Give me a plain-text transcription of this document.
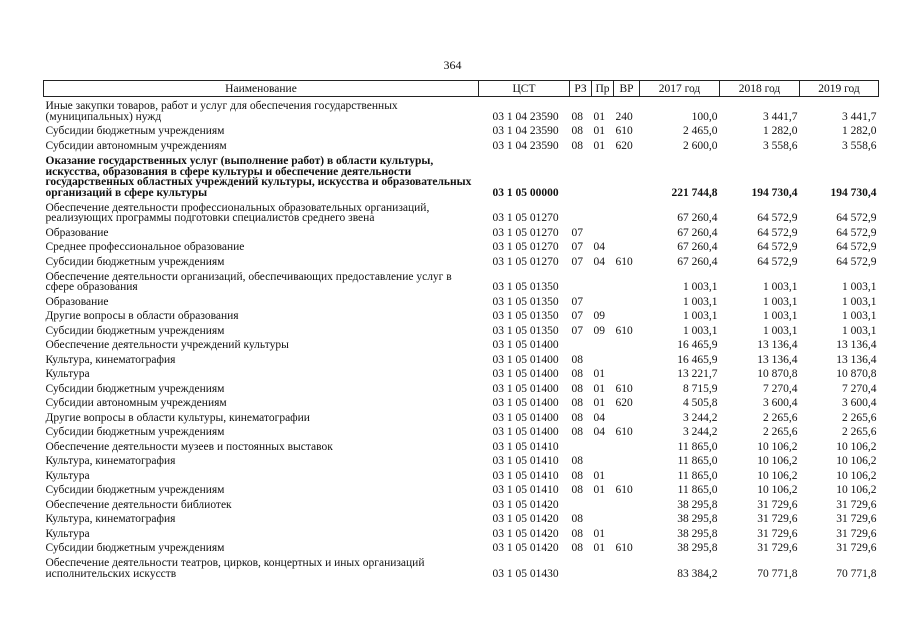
364
Наименование	ЦСТ	РЗ	Пр	ВР	2017 год	2018 год	2019 год
Иные закупки товаров, работ и услуг для обеспечения государственных (муниципальных) нужд	03 1 04 23590	08	01	240	100,0	3 441,7	3 441,7
Субсидии бюджетным учреждениям	03 1 04 23590	08	01	610	2 465,0	1 282,0	1 282,0
Субсидии автономным учреждениям	03 1 04 23590	08	01	620	2 600,0	3 558,6	3 558,6
Оказание государственных услуг (выполнение работ) в области культуры, искусства, образования в сфере культуры и обеспечение деятельности государственных областных учреждений культуры, искусства и образовательных организаций в сфере культуры	03 1 05 00000				221 744,8	194 730,4	194 730,4
Обеспечение деятельности профессиональных образовательных организаций, реализующих программы подготовки специалистов среднего звена	03 1 05 01270				67 260,4	64 572,9	64 572,9
Образование	03 1 05 01270	07			67 260,4	64 572,9	64 572,9
Среднее профессиональное образование	03 1 05 01270	07	04		67 260,4	64 572,9	64 572,9
Субсидии бюджетным учреждениям	03 1 05 01270	07	04	610	67 260,4	64 572,9	64 572,9
Обеспечение деятельности организаций, обеспечивающих предоставление услуг в сфере образования	03 1 05 01350				1 003,1	1 003,1	1 003,1
Образование	03 1 05 01350	07			1 003,1	1 003,1	1 003,1
Другие вопросы в области образования	03 1 05 01350	07	09		1 003,1	1 003,1	1 003,1
Субсидии бюджетным учреждениям	03 1 05 01350	07	09	610	1 003,1	1 003,1	1 003,1
Обеспечение деятельности учреждений культуры	03 1 05 01400				16 465,9	13 136,4	13 136,4
Культура, кинематография	03 1 05 01400	08			16 465,9	13 136,4	13 136,4
Культура	03 1 05 01400	08	01		13 221,7	10 870,8	10 870,8
Субсидии бюджетным учреждениям	03 1 05 01400	08	01	610	8 715,9	7 270,4	7 270,4
Субсидии автономным учреждениям	03 1 05 01400	08	01	620	4 505,8	3 600,4	3 600,4
Другие вопросы в области культуры, кинематографии	03 1 05 01400	08	04		3 244,2	2 265,6	2 265,6
Субсидии бюджетным учреждениям	03 1 05 01400	08	04	610	3 244,2	2 265,6	2 265,6
Обеспечение деятельности музеев и постоянных выставок	03 1 05 01410				11 865,0	10 106,2	10 106,2
Культура, кинематография	03 1 05 01410	08			11 865,0	10 106,2	10 106,2
Культура	03 1 05 01410	08	01		11 865,0	10 106,2	10 106,2
Субсидии бюджетным учреждениям	03 1 05 01410	08	01	610	11 865,0	10 106,2	10 106,2
Обеспечение деятельности библиотек	03 1 05 01420				38 295,8	31 729,6	31 729,6
Культура, кинематография	03 1 05 01420	08			38 295,8	31 729,6	31 729,6
Культура	03 1 05 01420	08	01		38 295,8	31 729,6	31 729,6
Субсидии бюджетным учреждениям	03 1 05 01420	08	01	610	38 295,8	31 729,6	31 729,6
Обеспечение деятельности театров, цирков, концертных и иных организаций исполнительских искусств	03 1 05 01430				83 384,2	70 771,8	70 771,8
